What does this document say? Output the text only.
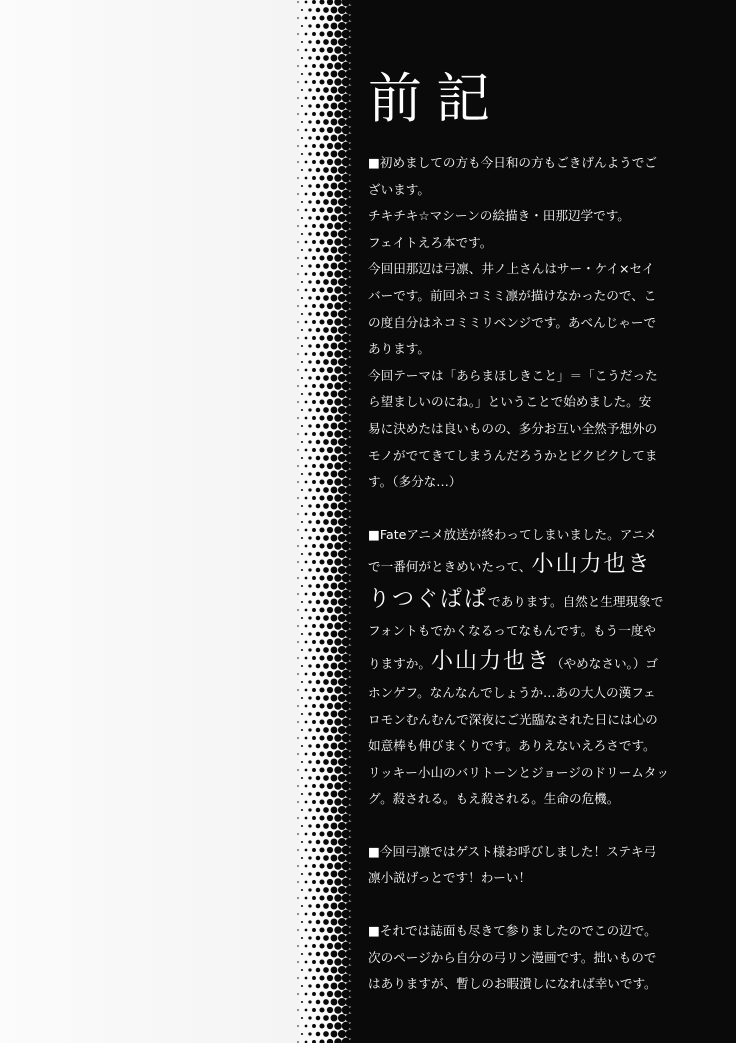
前記

■初めましての方も今日和の方もごきげんようでご

ざいます。

チキチキ☆マシーンの絵描き・田那辺学です。

フェイトえろ本です。

今回田那辺は弓凛、井ノ上さんはサー・ケイ×セイ

バーです。前回ネコミミ凛が描けなかったので、こ

の度自分はネコミミリベンジです。あべんじゃーで

あります。

今回テーマは「あらまほしきこと」＝「こうだった

ら望ましいのにね。」ということで始めました。安

易に決めたは良いものの、多分お互い全然予想外の

モノがでてきてしまうんだろうかとビクビクしてま

す。（多分な…）

■Fateアニメ放送が終わってしまいました。アニメ

で一番何がときめいたって、小山力也き

りつぐぱぱであります。自然と生理現象で

フォントもでかくなるってなもんです。もう一度や

りますか。小山力也き（やめなさい。）ゴ

ホンゲフ。なんなんでしょうか…あの大人の漢フェ

ロモンむんむんで深夜にご光臨なされた日には心の

如意棒も伸びまくりです。ありえないえろさです。

リッキー小山のバリトーンとジョージのドリームタッ

グ。殺される。もえ殺される。生命の危機。

■今回弓凛ではゲスト様お呼びしました！ステキ弓

凛小説げっとです！わーい！

■それでは誌面も尽きて参りましたのでこの辺で。

次のページから自分の弓リン漫画です。拙いもので

はありますが、暫しのお暇潰しになれば幸いです。
